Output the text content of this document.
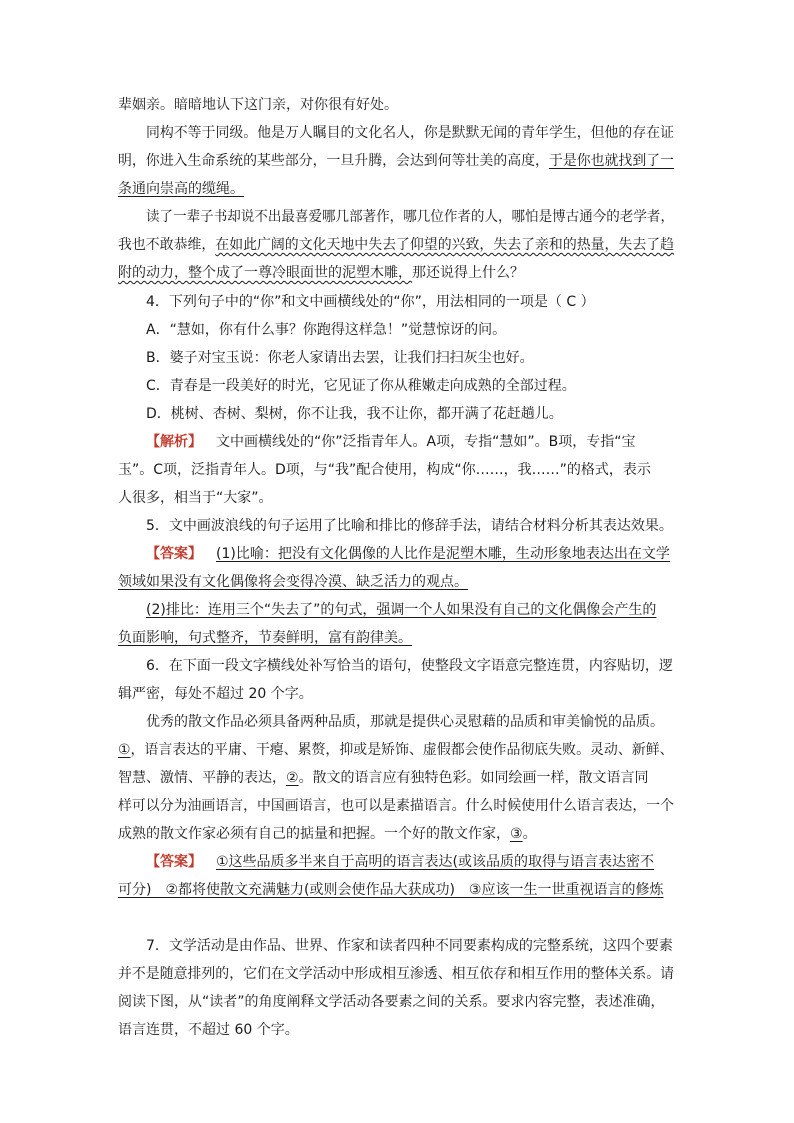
辈姻亲。暗暗地认下这门亲，对你很有好处。
同构不等于同级。他是万人瞩目的文化名人，你是默默无闻的青年学生，但他的存在证
明，你进入生命系统的某些部分，一旦升腾，会达到何等壮美的高度，于是你也就找到了一
条通向崇高的缆绳。
读了一辈子书却说不出最喜爱哪几部著作，哪几位作者的人，哪怕是博古通今的老学者，
我也不敢恭维，在如此广阔的文化天地中失去了仰望的兴致，失去了亲和的热量，失去了趋
附的动力，整个成了一尊冷眼面世的泥塑木雕，那还说得上什么？
4．下列句子中的“你”和文中画横线处的“你”，用法相同的一项是（ C ）
A．“慧如，你有什么事？你跑得这样急！”觉慧惊讶的问。
B．婆子对宝玉说：你老人家请出去罢，让我们扫扫灰尘也好。
C．青春是一段美好的时光，它见证了你从稚嫩走向成熟的全部过程。
D．桃树、杏树、梨树，你不让我，我不让你，都开满了花赶趟儿。
【解析】 文中画横线处的“你”泛指青年人。A项，专指“慧如”。B项，专指“宝
玉”。C项，泛指青年人。D项，与“我”配合使用，构成“你……，我……”的格式，表示
人很多，相当于“大家”。
5．文中画波浪线的句子运用了比喻和排比的修辞手法，请结合材料分析其表达效果。
【答案】 (1)比喻：把没有文化偶像的人比作是泥塑木雕，生动形象地表达出在文学
领域如果没有文化偶像将会变得冷漠、缺乏活力的观点。
(2)排比：连用三个“失去了”的句式，强调一个人如果没有自己的文化偶像会产生的
负面影响，句式整齐，节奏鲜明，富有韵律美。
6．在下面一段文字横线处补写恰当的语句，使整段文字语意完整连贯，内容贴切，逻
辑严密，每处不超过 20 个字。
优秀的散文作品必须具备两种品质，那就是提供心灵慰藉的品质和审美愉悦的品质。
①，语言表达的平庸、干瘪、累赘，抑或是矫饰、虚假都会使作品彻底失败。灵动、新鲜、
智慧、激情、平静的表达，②。散文的语言应有独特色彩。如同绘画一样，散文语言同
样可以分为油画语言，中国画语言，也可以是素描语言。什么时候使用什么语言表达，一个
成熟的散文作家必须有自己的掂量和把握。一个好的散文作家，③。
【答案】 ①这些品质多半来自于高明的语言表达(或该品质的取得与语言表达密不
可分)　②都将使散文充满魅力(或则会使作品大获成功)　③应该一生一世重视语言的修炼
7．文学活动是由作品、世界、作家和读者四种不同要素构成的完整系统，这四个要素
并不是随意排列的，它们在文学活动中形成相互渗透、相互依存和相互作用的整体关系。请
阅读下图，从“读者”的角度阐释文学活动各要素之间的关系。要求内容完整，表述准确，
语言连贯，不超过 60 个字。
